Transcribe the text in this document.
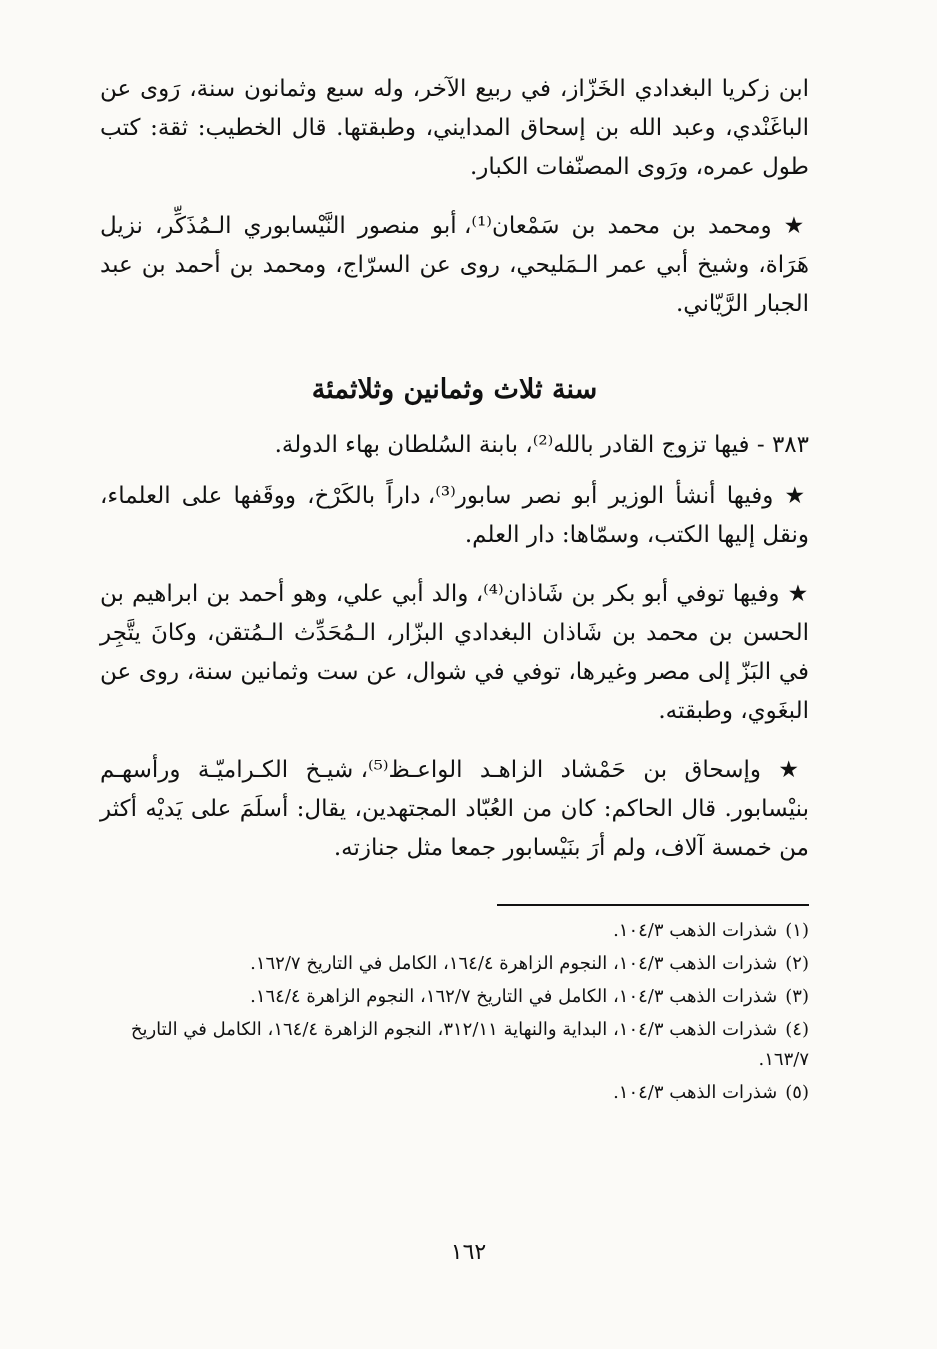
ابن زكريا البغدادي الخَزّاز، في ربيع الآخر، وله سبع وثمانون سنة، رَوى عن الباغَنْدي، وعبد الله بن إسحاق المدايني، وطبقتها. قال الخطيب: ثقة: كتب طول عمره، ورَوى المصنّفات الكبار.

★ ومحمد بن محمد بن سَمْعان⁽¹⁾، أبو منصور النَّيْسابوري الـمُذَكِّر، نزيل هَرَاة، وشيخ أبي عمر الـمَليحي، روى عن السرّاج، ومحمد بن أحمد بن عبد الجبار الرَّيّاني.

سنة ثلاث وثمانين وثلاثمئة

٣٨٣ - فيها تزوج القادر بالله⁽²⁾، بابنة السُلطان بهاء الدولة.

★ وفيها أنشأ الوزير أبو نصر سابور⁽³⁾، داراً بالكَرْخ، ووقَفها على العلماء، ونقل إليها الكتب، وسمّاها: دار العلم.

★ وفيها توفي أبو بكر بن شَاذان⁽⁴⁾، والد أبي علي، وهو أحمد بن ابراهيم بن الحسن بن محمد بن شَاذان البغدادي البزّار، الـمُحَدِّث الـمُتقن، وكانَ يتَّجِر في البَزّ إلى مصر وغيرها، توفي في شوال، عن ست وثمانين سنة، روى عن البغَوي، وطبقته.

★ وإسحاق بن حَمْشاد الزاهـد الواعـظ⁽⁵⁾، شيـخ الكـراميّـة ورأسهـم بنيْسابور. قال الحاكم: كان من العُبّاد المجتهدين، يقال: أسلَمَ على يَديْه أكثر من خمسة آلاف، ولم أرَ بنَيْسابور جمعا مثل جنازته.

(١)شذرات الذهب ١٠٤/٣.

(٢)شذرات الذهب ١٠٤/٣، النجوم الزاهرة ١٦٤/٤، الكامل في التاريخ ١٦٢/٧.

(٣)شذرات الذهب ١٠٤/٣، الكامل في التاريخ ١٦٢/٧، النجوم الزاهرة ١٦٤/٤.

(٤)شذرات الذهب ١٠٤/٣، البداية والنهاية ٣١٢/١١، النجوم الزاهرة ١٦٤/٤، الكامل في التاريخ ١٦٣/٧.

(٥)شذرات الذهب ١٠٤/٣.

١٦٢
